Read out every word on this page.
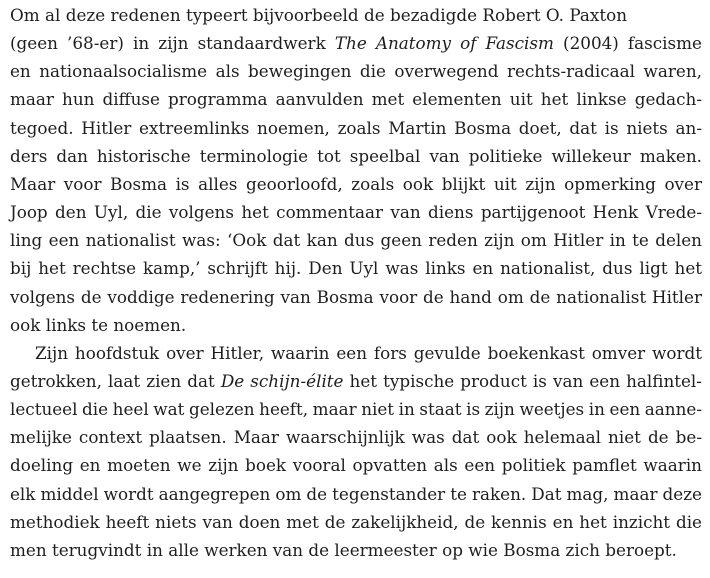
Om al deze redenen typeert bijvoorbeeld de bezadigde Robert O. Paxton
(geen ’68-er) in zijn standaardwerk The Anatomy of Fascism (2004) fascisme
en nationaalsocialisme als bewegingen die overwegend rechts-radicaal waren,
maar hun diffuse programma aanvulden met elementen uit het linkse gedach-
tegoed. Hitler extreemlinks noemen, zoals Martin Bosma doet, dat is niets an-
ders dan historische terminologie tot speelbal van politieke willekeur maken.
Maar voor Bosma is alles geoorloofd, zoals ook blijkt uit zijn opmerking over
Joop den Uyl, die volgens het commentaar van diens partijgenoot Henk Vrede-
ling een nationalist was: ‘Ook dat kan dus geen reden zijn om Hitler in te delen
bij het rechtse kamp,’ schrijft hij. Den Uyl was links en nationalist, dus ligt het
volgens de voddige redenering van Bosma voor de hand om de nationalist Hitler
ook links te noemen.
Zijn hoofdstuk over Hitler, waarin een fors gevulde boekenkast omver wordt
getrokken, laat zien dat De schijn-élite het typische product is van een halfintel-
lectueel die heel wat gelezen heeft, maar niet in staat is zijn weetjes in een aanne-
melijke context plaatsen. Maar waarschijnlijk was dat ook helemaal niet de be-
doeling en moeten we zijn boek vooral opvatten als een politiek pamflet waarin
elk middel wordt aangegrepen om de tegenstander te raken. Dat mag, maar deze
methodiek heeft niets van doen met de zakelijkheid, de kennis en het inzicht die
men terugvindt in alle werken van de leermeester op wie Bosma zich beroept.
